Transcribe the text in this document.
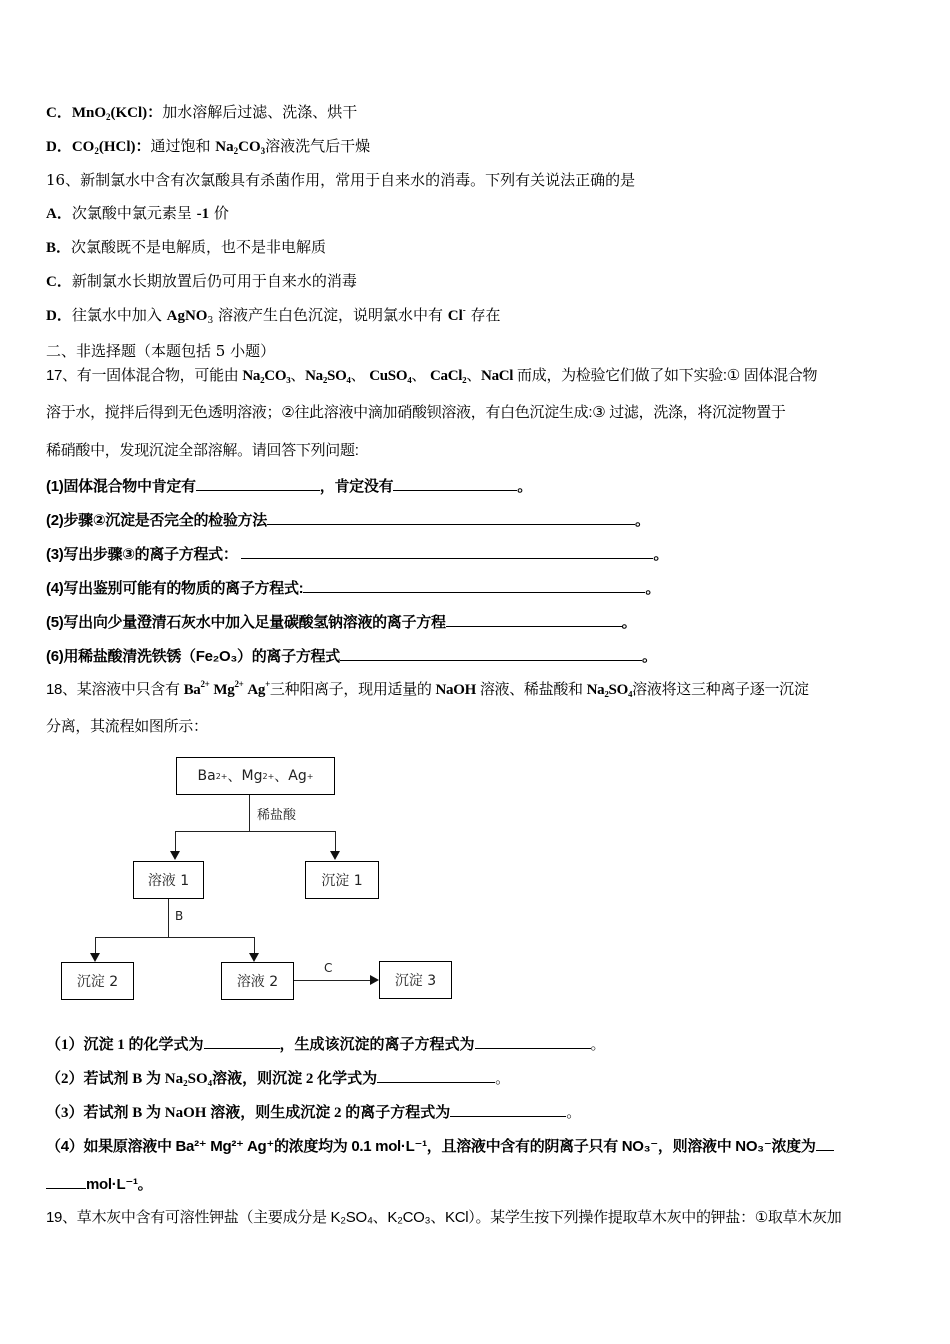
C．MnO$_2$(KCl)：加水溶解后过滤、洗涤、烘干
D．$CO_2(HCl)$：通过饱和 $Na_2CO_3$溶液洗气后干燥
16、新制氯水中含有次氯酸具有杀菌作用，常用于自来水的消毒。下列有关说法正确的是
A．次氯酸中氯元素呈 -1 价
B．次氯酸既不是电解质，也不是非电解质
C．新制氯水长期放置后仍可用于自来水的消毒
D．往氯水中加入 AgNO$_3$ 溶液产生白色沉淀，说明氯水中有 Cl- 存在
二、非选择题（本题包括 5 小题）
17、有一固体混合物，可能由 Na₂CO₃、Na₂SO₄、 CuSO₄、 CaCl₂、NaCl 而成，为检验它们做了如下实验:① 固体混合物
溶于水，搅拌后得到无色透明溶液；②往此溶液中滴加硝酸钡溶液，有白色沉淀生成:③ 过滤，洗涤，将沉淀物置于
稀硝酸中，发现沉淀全部溶解。请回答下列问题:
(1)固体混合物中肯定有	，肯定没有	。
(2)步骤②沉淀是否完全的检验方法	。
(3)写出步骤③的离子方程式：	。
(4)写出鉴别可能有的物质的离子方程式:	。
(5)写出向少量澄清石灰水中加入足量碳酸氢钠溶液的离子方程	。
(6)用稀盐酸清洗铁锈（Fe₂O₃）的离子方程式	。
18、某溶液中只含有 $Ba^{2+}$ $Mg^{2+}$ Ag+三种阳离子，现用适量的 NaOH 溶液、稀盐酸和 Na₂SO₄溶液将这三种离子逐一沉淀
分离，其流程如图所示：
Ba 2+ 、 Mg 2+ 、 Ag +
稀盐酸
溶液 1	沉淀 1
B
沉淀 2	溶液 2
C
沉淀 3
（1）沉淀 1 的化学式为	，生成该沉淀的离子方程式为	。
（2）若试剂 B 为 Na₂SO₄溶液，则沉淀 2 化学式为	。
（3）若试剂 B 为 NaOH 溶液，则生成沉淀 2 的离子方程式为	。
（4）如果原溶液中 Ba²⁺ Mg²⁺ Ag⁺的浓度均为 0.1 mol·L⁻¹，且溶液中含有的阴离子只有 NO₃⁻，则溶液中 NO₃⁻浓度为
mol·L⁻¹。
19、草木灰中含有可溶性钾盐（主要成分是 K₂SO₄、K₂CO₃、KCl）。某学生按下列操作提取草木灰中的钾盐：①取草木灰加
